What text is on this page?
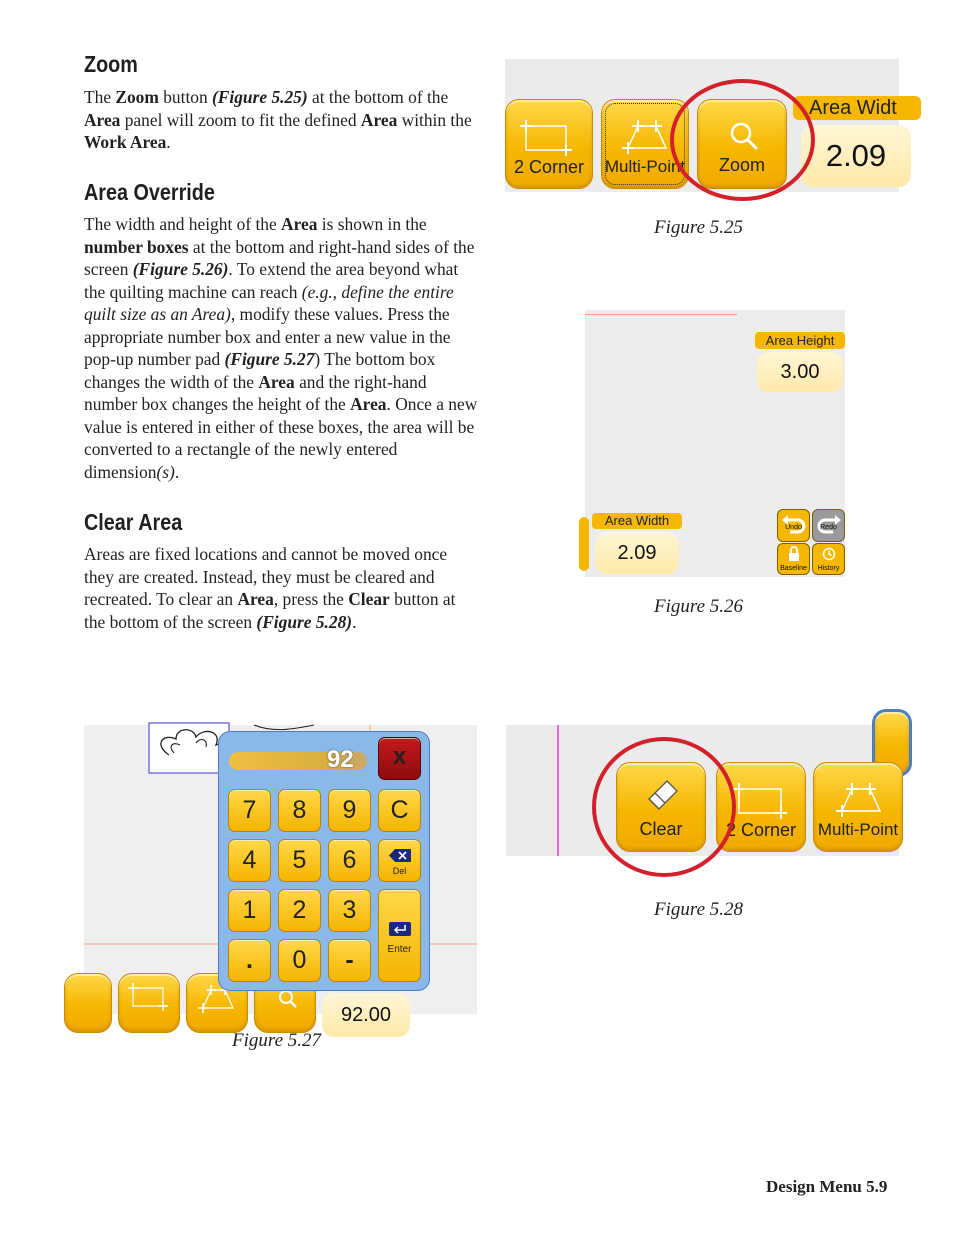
Zoom

The Zoom button (Figure 5.25) at the bottom of the Area panel will zoom to fit the defined Area within the Work Area.

Area Override

The width and height of the Area is shown in the number boxes at the bottom and right-hand sides of the screen (Figure 5.26). To extend the area beyond what the quilting machine can reach (e.g., define the entire quilt size as an Area), modify these values. Press the appropriate number box and enter a new value in the pop-up number pad (Figure 5.27) The bottom box changes the width of the Area and the right-hand number box changes the height of the Area. Once a new value is entered in either of these boxes, the area will be converted to a rectangle of the newly entered dimension(s).

Clear Area

Areas are fixed locations and cannot be moved once they are created. Instead, they must be cleared and recreated. To clear an Area, press the Clear button at the bottom of the screen (Figure 5.28).

2 Corner	Multi-Point	Zoom
Area Widt
2.09
Figure 5.25
Area Height
3.00
Area Width
2.09
Undo	Redo
Baseline	History
Figure 5.26
92.00
92	x
7	8	9	C
4	5	6	Del
1	2	3
Enter
.	0	-
Figure 5.27
Clear	2 Corner	Multi-Point
Figure 5.28
Design Menu 5.9
